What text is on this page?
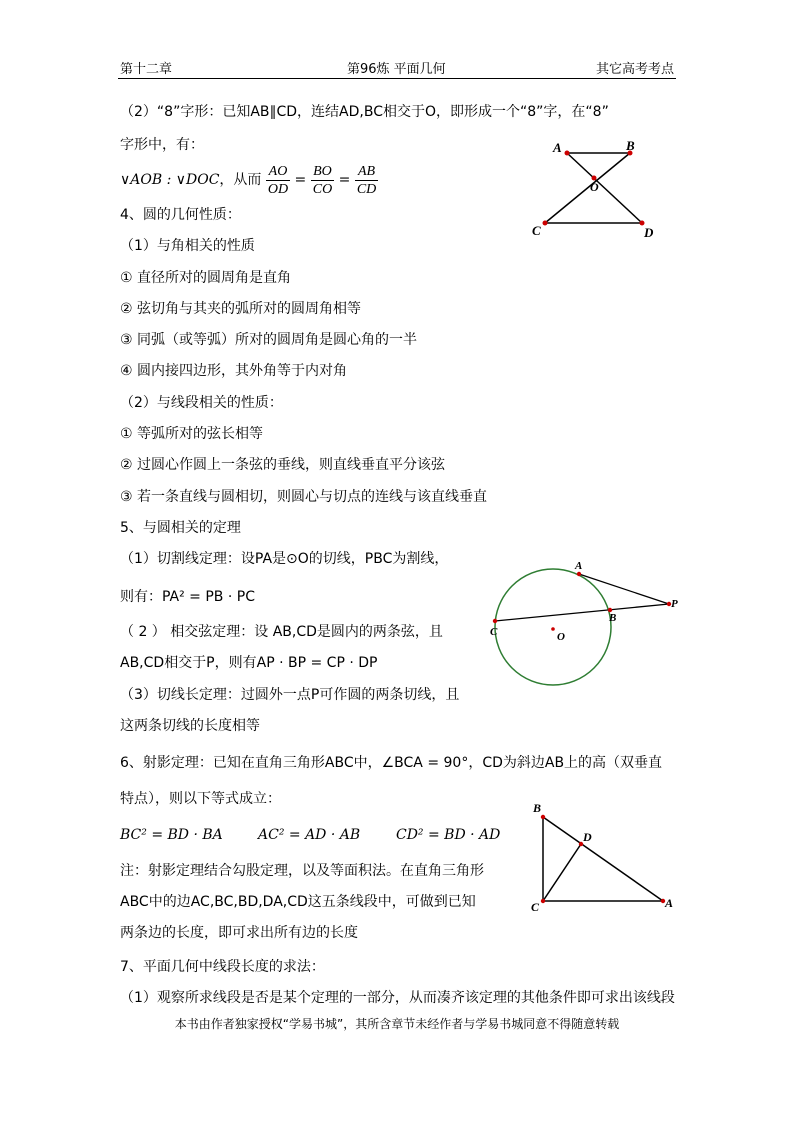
第十二章	第96炼 平面几何	其它高考考点
（2）“8”字形：已知AB∥CD，连结AD,BC相交于O，即形成一个“8”字，在“8”
字形中，有：
∨AOB : ∨DOC，从而 $\frac{AO}{OD} = \frac{BO}{CO} = \frac{AB}{CD}$
A	B
O
C	D
4、圆的几何性质：
（1）与角相关的性质
① 直径所对的圆周角是直角
② 弦切角与其夹的弧所对的圆周角相等
③ 同弧（或等弧）所对的圆周角是圆心角的一半
④ 圆内接四边形，其外角等于内对角
（2）与线段相关的性质：
① 等弧所对的弦长相等
② 过圆心作圆上一条弦的垂线，则直线垂直平分该弦
③ 若一条直线与圆相切，则圆心与切点的连线与该直线垂直
5、与圆相关的定理
（1）切割线定理：设PA是⊙O的切线，PBC为割线，
则有：PA² = PB · PC
（ 2 ） 相交弦定理：设 AB,CD是圆内的两条弦，且
AB,CD相交于P，则有AP · BP = CP · DP
（3）切线长定理：过圆外一点P可作圆的两条切线，且
这两条切线的长度相等
A
P
B
C	O
6、射影定理：已知在直角三角形ABC中，∠BCA = 90°，CD为斜边AB上的高（双垂直
特点），则以下等式成立：
BC² = BD · BA	AC² = AD · AB	CD² = BD · AD
注：射影定理结合勾股定理，以及等面积法。在直角三角形
ABC中的边AC,BC,BD,DA,CD这五条线段中，可做到已知
两条边的长度，即可求出所有边的长度
B
D
C	A
7、平面几何中线段长度的求法：
（1）观察所求线段是否是某个定理的一部分，从而凑齐该定理的其他条件即可求出该线段
本书由作者独家授权“学易书城”，其所含章节未经作者与学易书城同意不得随意转载
